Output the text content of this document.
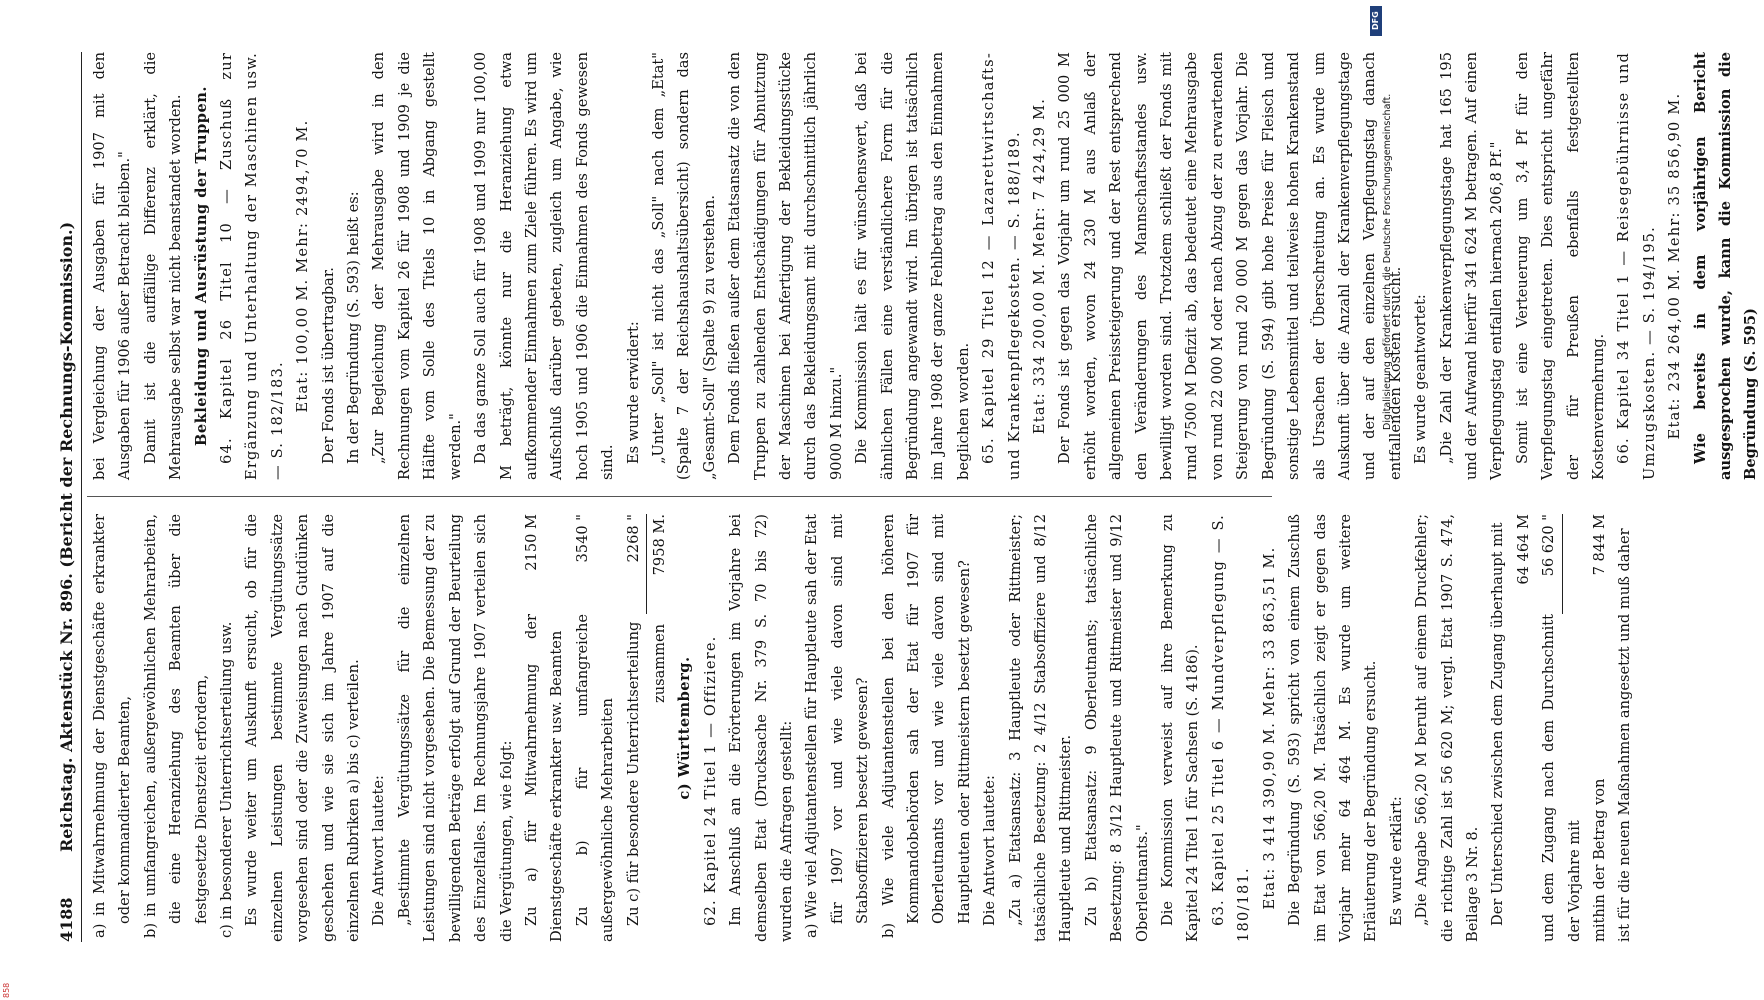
4188
Reichstag. Aktenstück Nr. 896. (Bericht der Rechnungs-Kommission.) a) in Mitwahrnehmung der Dienstgeschäfte erkrankter oder kommandierter Beamten, b) in umfangreichen, außergewöhnlichen Mehrarbeiten, die eine Heranziehung des Beamten über die festgesetzte Dienstzeit erfordern, c) in besonderer Unterrichtserteilung usw. Es wurde weiter um Auskunft ersucht, ob für die einzelnen Leistungen bestimmte Vergütungssätze vorgesehen sind oder die Zuweisungen nach Gutdünken geschehen und wie sie sich im Jahre 1907 auf die einzelnen Rubriken a) bis c) verteilen. Die Antwort lautete: „Bestimmte Vergütungssätze für die einzelnen Leistungen sind nicht vorgesehen. Die Bemessung der zu bewilligenden Beträge erfolgt auf Grund der Beurteilung des Einzelfalles. Im Rechnungsjahre 1907 verteilen sich die Vergütungen, wie folgt: Zu a) für Mitwahrnehmung der Dienstgeschäfte erkrankter usw. Beamten
2150 M
Zu b) für umfangreiche außergewöhnliche Mehrarbeiten
3540 "
Zu c) für besondere Unterrichtserteilung
2268 "
zusammen
7958 M.

c) Württemberg. 62. Kapitel 24 Titel 1 — Offiziere. Im Anschluß an die Erörterungen im Vorjahre bei demselben Etat (Drucksache Nr. 379 S. 70 bis 72) wurden die Anfragen gestellt: a) Wie viel Adjutantenstellen für Hauptleute sah der Etat für 1907 vor und wie viele davon sind mit Stabsoffizieren besetzt gewesen? b) Wie viele Adjutantenstellen bei den höheren Kommandobehörden sah der Etat für 1907 für Oberleutnants vor und wie viele davon sind mit Hauptleuten oder Rittmeistern besetzt gewesen? Die Antwort lautete: „Zu a) Etatsansatz: 3 Hauptleute oder Rittmeister; tatsächliche Besetzung: 2 4/12 Stabsoffiziere und 8/12 Hauptleute und Rittmeister. Zu b) Etatsansatz: 9 Oberleutnants; tatsächliche Besetzung: 8 3/12 Hauptleute und Rittmeister und 9/12 Oberleutnants." Die Kommission verweist auf ihre Bemerkung zu Kapitel 24 Titel 1 für Sachsen (S. 4186). 63. Kapitel 25 Titel 6 — Mundverpflegung — S. 180/181. Etat: 3 414 390,90 M. Mehr: 33 863,51 M. Die Begründung (S. 593) spricht von einem Zuschuß im Etat von 566,20 M. Tatsächlich zeigt er gegen das Vorjahr mehr 64 464 M. Es wurde um weitere Erläuterung der Begründung ersucht. Es wurde erklärt: „Die Angabe 566,20 M beruht auf einem Druckfehler; die richtige Zahl ist 56 620 M; vergl. Etat 1907 S. 474, Beilage 3 Nr. 8. Der Unterschied zwischen dem Zugang überhaupt mit 64 464 M
und dem Zugang nach dem Durchschnitt der Vorjahre mit
56 620 "
mithin der Betrag von
7 844 M ist für die neuen Maßnahmen angesetzt und muß daher

bei Vergleichung der Ausgaben für 1907 mit den Ausgaben für 1906 außer Betracht bleiben." Damit ist die auffällige Differenz erklärt, die Mehrausgabe selbst war nicht beanstandet worden. Bekleidung und Ausrüstung der Truppen. 64. Kapitel 26 Titel 10 — Zuschuß zur Ergänzung und Unterhaltung der Maschinen usw. — S. 182/183.

Etat: 100,00 M. Mehr: 2494,70 M. Der Fonds ist übertragbar. In der Begründung (S. 593) heißt es: „Zur Begleichung der Mehrausgabe wird in den Rechnungen vom Kapitel 26 für 1908 und 1909 je die Hälfte vom Solle des Titels 10 in Abgang gestellt werden." Da das ganze Soll auch für 1908 und 1909 nur 100,00 M beträgt, könnte nur die Heranziehung etwa aufkommender Einnahmen zum Ziele führen. Es wird um Aufschluß darüber gebeten, zugleich um Angabe, wie hoch 1905 und 1906 die Einnahmen des Fonds gewesen sind. Es wurde erwidert: „Unter „Soll" ist nicht das „Soll" nach dem „Etat" (Spalte 7 der Reichshaushaltsübersicht) sondern das „Gesamt-Soll" (Spalte 9) zu verstehen. Dem Fonds fließen außer dem Etatsansatz die von den Truppen zu zahlenden Entschädigungen für Abnutzung der Maschinen bei Anfertigung der Bekleidungsstücke durch das Bekleidungsamt mit durchschnittlich jährlich 9000 M hinzu." Die Kommission hält es für wünschenswert, daß bei ähnlichen Fällen eine verständlichere Form für die Begründung angewandt wird. Im übrigen ist tatsächlich im Jahre 1908 der ganze Fehlbetrag aus den Einnahmen beglichen worden. 65. Kapitel 29 Titel 12 — Lazarettwirtschafts- und Krankenpflegekosten. — S. 188/189. Etat: 334 200,00 M. Mehr: 7 424,29 M. Der Fonds ist gegen das Vorjahr um rund 25 000 M erhöht worden, wovon 24 230 M aus Anlaß der allgemeinen Preissteigerung und der Rest entsprechend den Veränderungen des Mannschaftsstandes usw. bewilligt worden sind. Trotzdem schließt der Fonds mit rund 7500 M Defizit ab, das bedeutet eine Mehrausgabe von rund 22 000 M oder nach Abzug der zu erwartenden Steigerung von rund 20 000 M gegen das Vorjahr. Die Begründung (S. 594) gibt hohe Preise für Fleisch und sonstige Lebensmittel und teilweise hohen Krankenstand als Ursachen der Überschreitung an. Es wurde um Auskunft über die Anzahl der Krankenverpflegungstage und der auf den einzelnen Verpflegungstag danach entfallenden Kosten ersucht. Es wurde geantwortet: „Die Zahl der Krankenverpflegungstage hat 165 195 und der Aufwand hierfür 341 624 M betragen. Auf einen Verpflegungstag entfallen hiernach 206,8 Pf." Somit ist eine Verteuerung um 3,4 Pf für den Verpflegungstag eingetreten. Dies entspricht ungefähr der für Preußen ebenfalls festgestellten Kostenvermehrung. 66. Kapitel 34 Titel 1 — Reisegebührnisse und Umzugskosten. — S. 194/195. Etat: 234 264,00 M. Mehr: 35 856,90 M. Wie bereits in dem vorjährigen Bericht ausgesprochen wurde, kann die Kommission die Begründung (S. 595)

Digitalisierung gefördert durch die Deutsche Forschungsgemeinschaft.
DFG
858
